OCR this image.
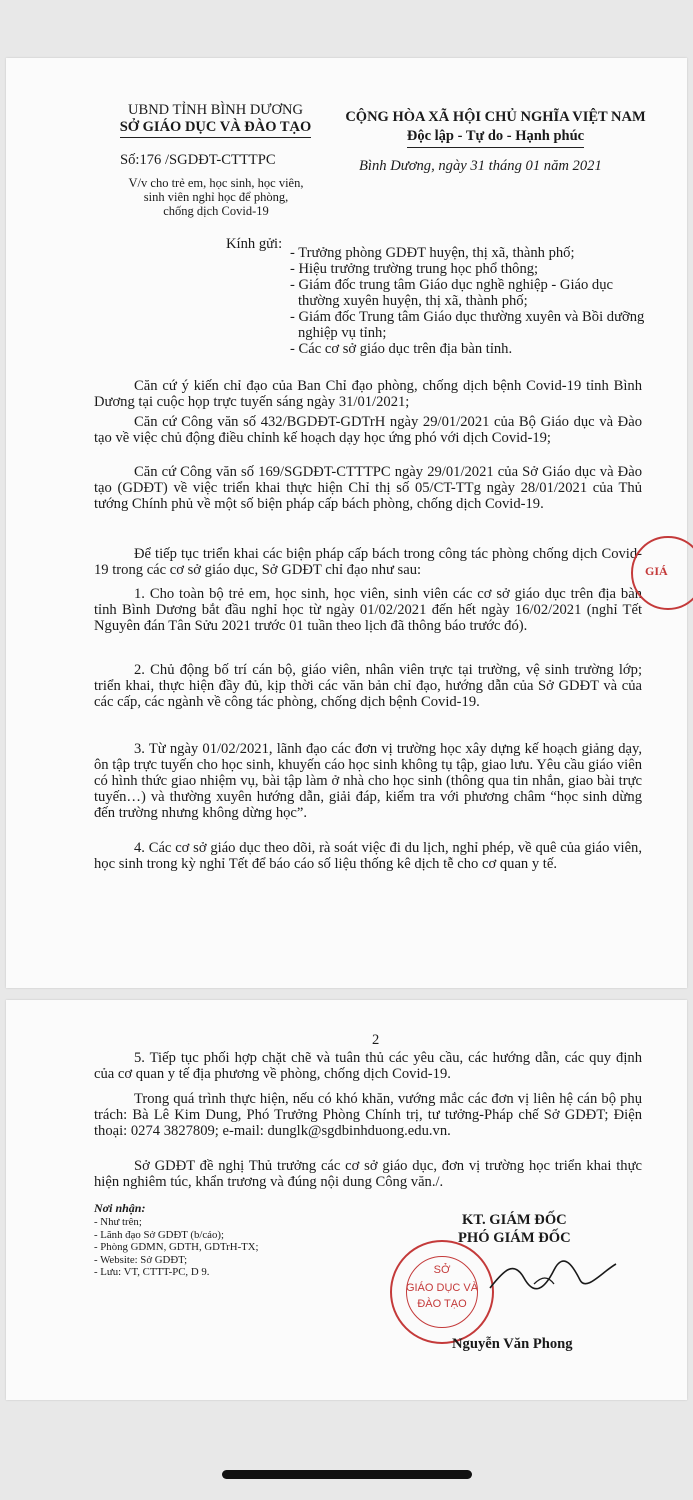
UBND TỈNH BÌNH DƯƠNG
SỞ GIÁO DỤC VÀ ĐÀO TẠO
CỘNG HÒA XÃ HỘI CHỦ NGHĨA VIỆT NAM
Độc lập - Tự do - Hạnh phúc
Số:176 /SGDĐT-CTTTPC	Bình Dương, ngày 31 tháng 01 năm 2021
V/v cho trẻ em, học sinh, học viên,
sinh viên nghỉ học để phòng,
chống dịch Covid-19
Kính gửi:
- Trưởng phòng GDĐT huyện, thị xã, thành phố;
- Hiệu trưởng trường trung học phổ thông;
- Giám đốc trung tâm Giáo dục nghề nghiệp - Giáo dục thường xuyên huyện, thị xã, thành phố;
- Giám đốc Trung tâm Giáo dục thường xuyên và Bồi dưỡng nghiệp vụ tỉnh;
- Các cơ sở giáo dục trên địa bàn tỉnh.
Căn cứ ý kiến chỉ đạo của Ban Chỉ đạo phòng, chống dịch bệnh Covid-19 tỉnh Bình Dương tại cuộc họp trực tuyến sáng ngày 31/01/2021;
Căn cứ Công văn số 432/BGDĐT-GDTrH ngày 29/01/2021 của Bộ Giáo dục và Đào tạo về việc chủ động điều chỉnh kế hoạch dạy học ứng phó với dịch Covid-19;
Căn cứ Công văn số 169/SGDĐT-CTTTPC ngày 29/01/2021 của Sở Giáo dục và Đào tạo (GDĐT) về việc triển khai thực hiện Chỉ thị số 05/CT-TTg ngày 28/01/2021 của Thủ tướng Chính phủ về một số biện pháp cấp bách phòng, chống dịch Covid-19.
Để tiếp tục triển khai các biện pháp cấp bách trong công tác phòng chống dịch Covid-19 trong các cơ sở giáo dục, Sở GDĐT chỉ đạo như sau:
1. Cho toàn bộ trẻ em, học sinh, học viên, sinh viên các cơ sở giáo dục trên địa bàn tỉnh Bình Dương bắt đầu nghỉ học từ ngày 01/02/2021 đến hết ngày 16/02/2021 (nghỉ Tết Nguyên đán Tân Sửu 2021 trước 01 tuần theo lịch đã thông báo trước đó).
2. Chủ động bố trí cán bộ, giáo viên, nhân viên trực tại trường, vệ sinh trường lớp; triển khai, thực hiện đầy đủ, kịp thời các văn bản chỉ đạo, hướng dẫn của Sở GDĐT và của các cấp, các ngành về công tác phòng, chống dịch bệnh Covid-19.
3. Từ ngày 01/02/2021, lãnh đạo các đơn vị trường học xây dựng kế hoạch giảng dạy, ôn tập trực tuyến cho học sinh, khuyến cáo học sinh không tụ tập, giao lưu. Yêu cầu giáo viên có hình thức giao nhiệm vụ, bài tập làm ở nhà cho học sinh (thông qua tin nhắn, giao bài trực tuyến…) và thường xuyên hướng dẫn, giải đáp, kiểm tra với phương châm “học sinh dừng đến trường nhưng không dừng học”.
4. Các cơ sở giáo dục theo dõi, rà soát việc đi du lịch, nghỉ phép, về quê của giáo viên, học sinh trong kỳ nghỉ Tết để báo cáo số liệu thống kê dịch tễ cho cơ quan y tế.
GIÁ
2
5. Tiếp tục phối hợp chặt chẽ và tuân thủ các yêu cầu, các hướng dẫn, các quy định của cơ quan y tế địa phương về phòng, chống dịch Covid-19.
Trong quá trình thực hiện, nếu có khó khăn, vướng mắc các đơn vị liên hệ cán bộ phụ trách: Bà Lê Kim Dung, Phó Trưởng Phòng Chính trị, tư tưởng-Pháp chế Sở GDĐT; Điện thoại: 0274 3827809; e-mail: dunglk@sgdbinhduong.edu.vn.
Sở GDĐT đề nghị Thủ trưởng các cơ sở giáo dục, đơn vị trường học triển khai thực hiện nghiêm túc, khẩn trương và đúng nội dung Công văn./.
Nơi nhận:
- Như trên;
- Lãnh đạo Sở GDĐT (b/cáo);
- Phòng GDMN, GDTH, GDTrH-TX;
- Website: Sở GDĐT;
- Lưu: VT, CTTT-PC, D 9.
KT. GIÁM ĐỐC
PHÓ GIÁM ĐỐC
SỞ
GIÁO DỤC VÀ
ĐÀO TẠO
Nguyễn Văn Phong
